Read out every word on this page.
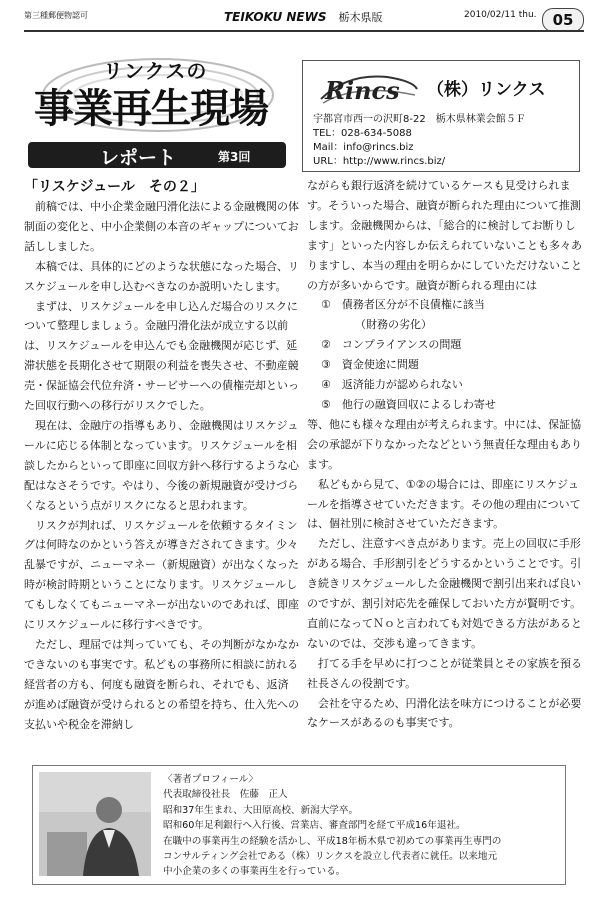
第三種郵便物認可	TEIKOKU NEWS　 栃木県版	2010/02/11 thu.	05
リンクスの
事業再生現場
レポート	第3回
Rincs （株）リンクス
宇都宮市西一の沢町8-22　栃木県林業会館５Ｆ
TEL：028-634-5088
Mail：info@rincs.biz
URL：http://www.rincs.biz/

「リスケジュール　その２」

前稿では、中小企業金融円滑化法による金融機関の体制面の変化と、中小企業側の本音のギャップについてお話ししました。

本稿では、具体的にどのような状態になった場合、リスケジュールを申し込むべきなのか説明いたします。

まずは、リスケジュールを申し込んだ場合のリスクについて整理しましょう。金融円滑化法が成立する以前は、リスケジュールを申込んでも金融機関が応じず、延滞状態を長期化させて期限の利益を喪失させ、不動産競売・保証協会代位弁済・サービサーへの債権売却といった回収行動への移行がリスクでした。

現在は、金融庁の指導もあり、金融機関はリスケジュールに応じる体制となっています。リスケジュールを相談したからといって即座に回収方針へ移行するような心配はなさそうです。やはり、今後の新規融資が受けづらくなるという点がリスクになると思われます。

リスクが判れば、リスケジュールを依頼するタイミングは何時なのかという答えが導きだされてきます。少々乱暴ですが、ニューマネー（新規融資）が出なくなった時が検討時期ということになります。リスケジュールしてもしなくてもニューマネーが出ないのであれば、即座にリスケジュールに移行すべきです。

ただし、理屈では判っていても、その判断がなかなかできないのも事実です。私どもの事務所に相談に訪れる経営者の方も、何度も融資を断られ、それでも、返済が進めば融資が受けられるとの希望を持ち、仕入先への支払いや税金を滞納し

ながらも銀行返済を続けているケースも見受けられます。そういった場合、融資が断られた理由について推測します。金融機関からは、「総合的に検討してお断りします」といった内容しか伝えられていないことも多々ありますし、本当の理由を明らかにしていただけないことの方が多いからです。融資が断られる理由には

①　債務者区分が不良債権に該当

（財務の劣化）

②　コンプライアンスの問題

③　資金使途に問題

④　返済能力が認められない

⑤　他行の融資回収によるしわ寄せ

等、他にも様々な理由が考えられます。中には、保証協会の承認が下りなかったなどという無責任な理由もあります。

私どもから見て、①②の場合には、即座にリスケジュールを指導させていただきます。その他の理由については、個社別に検討させていただきます。

ただし、注意すべき点があります。売上の回収に手形がある場合、手形割引をどうするかということです。引き続きリスケジュールした金融機関で割引出来れば良いのですが、割引対応先を確保しておいた方が賢明です。直前になってＮｏと言われても対処できる方法があるとないのでは、交渉も違ってきます。

打てる手を早めに打つことが従業員とその家族を預る社長さんの役割です。

会社を守るため、円滑化法を味方につけることが必要なケースがあるのも事実です。

〈著者プロフィール〉
代表取締役社長　佐藤　正人
昭和37年生まれ、大田原高校、新潟大学卒。
昭和60年足利銀行へ入行後、営業店、審査部門を経て平成16年退社。
在職中の事業再生の経験を活かし、平成18年栃木県で初めての事業再生専門の
コンサルティング会社である（株）リンクスを設立し代表者に就任。以来地元
中小企業の多くの事業再生を行っている。
